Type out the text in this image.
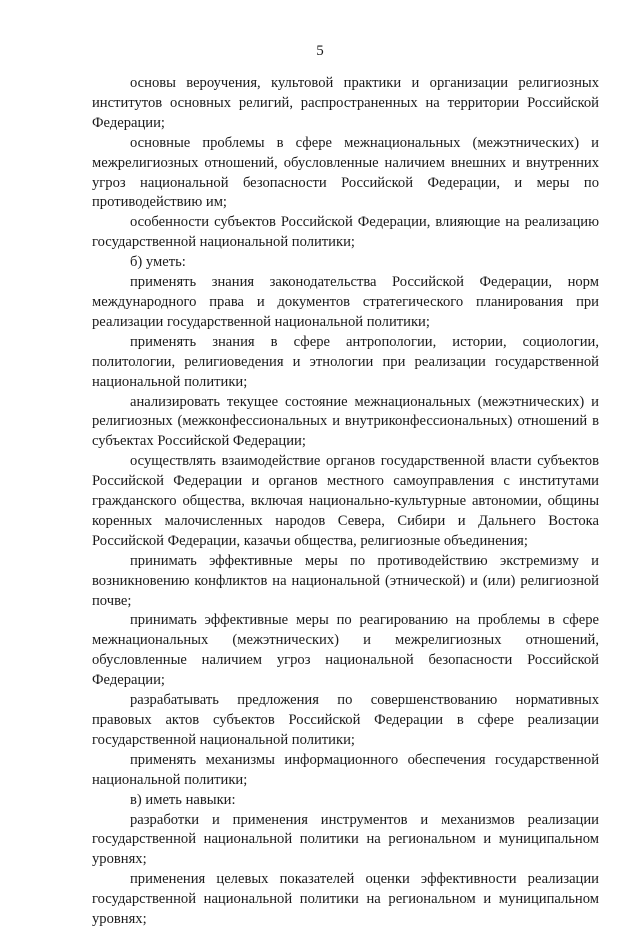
5

основы вероучения, культовой практики и организации религиозных институтов основных религий, распространенных на территории Российской Федерации;

основные проблемы в сфере межнациональных (межэтнических) и межрелигиозных отношений, обусловленные наличием внешних и внутренних угроз национальной безопасности Российской Федерации, и меры по противодействию им;

особенности субъектов Российской Федерации, влияющие на реализацию государственной национальной политики;

б) уметь:

применять знания законодательства Российской Федерации, норм международного права и документов стратегического планирования при реализации государственной национальной политики;

применять знания в сфере антропологии, истории, социологии, политологии, религиоведения и этнологии при реализации государственной национальной политики;

анализировать текущее состояние межнациональных (межэтнических) и религиозных (межконфессиональных и внутриконфессиональных) отношений в субъектах Российской Федерации;

осуществлять взаимодействие органов государственной власти субъектов Российской Федерации и органов местного самоуправления с институтами гражданского общества, включая национально-культурные автономии, общины коренных малочисленных народов Севера, Сибири и Дальнего Востока Российской Федерации, казачьи общества, религиозные объединения;

принимать эффективные меры по противодействию экстремизму и возникновению конфликтов на национальной (этнической) и (или) религиозной почве;

принимать эффективные меры по реагированию на проблемы в сфере межнациональных (межэтнических) и межрелигиозных отношений, обусловленные наличием угроз национальной безопасности Российской Федерации;

разрабатывать предложения по совершенствованию нормативных правовых актов субъектов Российской Федерации в сфере реализации государственной национальной политики;

применять механизмы информационного обеспечения государственной национальной политики;

в) иметь навыки:

разработки и применения инструментов и механизмов реализации государственной национальной политики на региональном и муниципальном уровнях;

применения целевых показателей оценки эффективности реализации государственной национальной политики на региональном и муниципальном уровнях;
